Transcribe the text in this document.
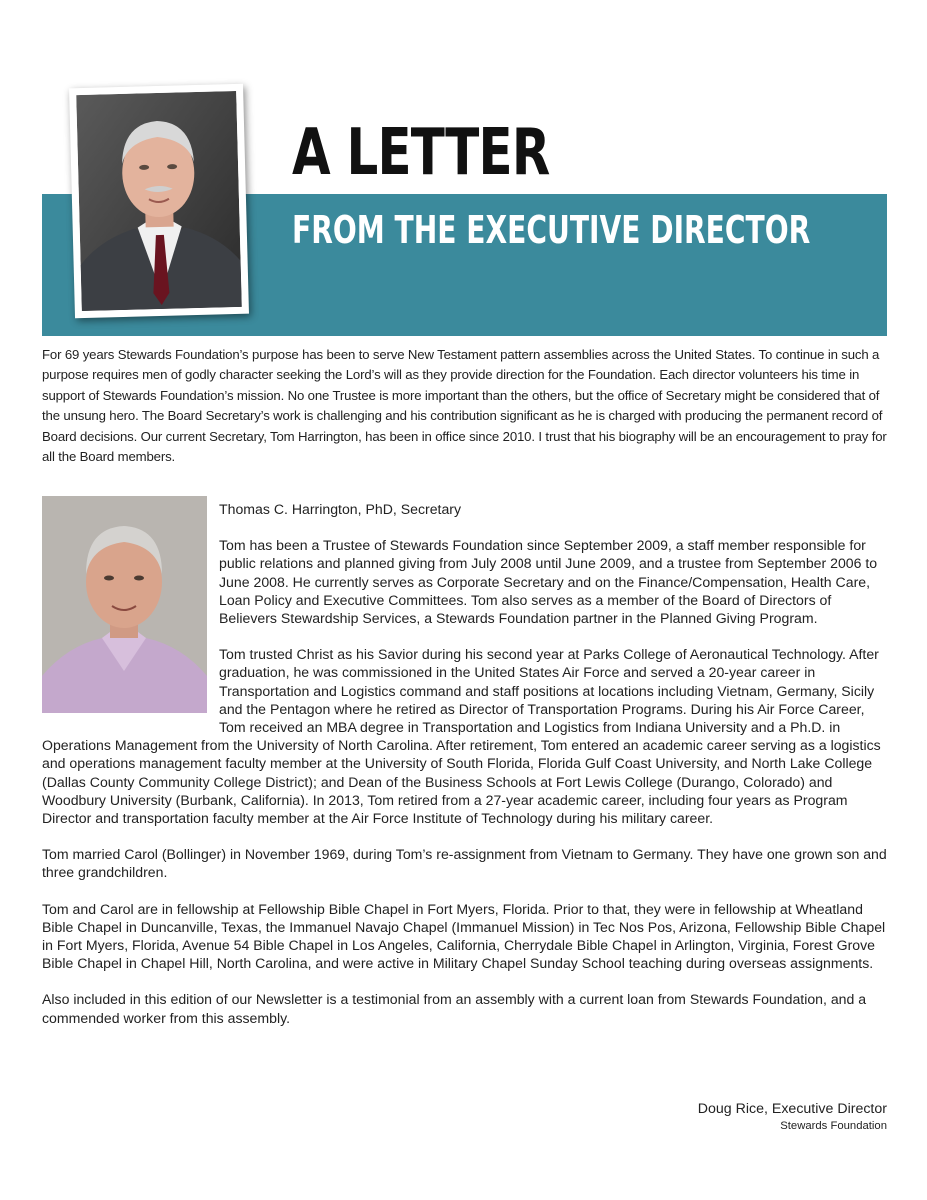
A LETTER
FROM THE EXECUTIVE DIRECTOR

For 69 years Stewards Foundation’s purpose has been to serve New Testament pattern assemblies across the United States. To continue in such a purpose requires men of godly character seeking the Lord’s will as they provide direction for the Foundation. Each director volunteers his time in support of Stewards Foundation’s mission. No one Trustee is more important than the others, but the office of Secretary might be considered that of the unsung hero. The Board Secretary’s work is challenging and his contribution significant as he is charged with producing the permanent record of Board decisions. Our current Secretary, Tom Harrington, has been in office since 2010. I trust that his biography will be an encouragement to pray for all the Board members.

Thomas C. Harrington, PhD, Secretary

Tom has been a Trustee of Stewards Foundation since September 2009, a staff member responsible for public relations and planned giving from July 2008 until June 2009, and a trustee from September 2006 to June 2008. He currently serves as Corporate Secretary and on the Finance/Compensation, Health Care, Loan Policy and Executive Committees. Tom also serves as a member of the Board of Directors of Believers Stewardship Services, a Stewards Foundation partner in the Planned Giving Program.

Tom trusted Christ as his Savior during his second year at Parks College of Aeronautical Technology. After graduation, he was commissioned in the United States Air Force and served a 20-year career in Transportation and Logistics command and staff positions at locations including Vietnam, Germany, Sicily and the Pentagon where he retired as Director of Transportation Programs. During his Air Force Career, Tom received an MBA degree in Transportation and Logistics from Indiana University and a Ph.D. in Operations Management from the University of North Carolina. After retirement, Tom entered an academic career serving as a logistics and operations management faculty member at the University of South Florida, Florida Gulf Coast University, and North Lake College (Dallas County Community College District); and Dean of the Business Schools at Fort Lewis College (Durango, Colorado) and Woodbury University (Burbank, California). In 2013, Tom retired from a 27-year academic career, including four years as Program Director and transportation faculty member at the Air Force Institute of Technology during his military career.

Tom married Carol (Bollinger) in November 1969, during Tom’s re-assignment from Vietnam to Germany. They have one grown son and three grandchildren.

Tom and Carol are in fellowship at Fellowship Bible Chapel in Fort Myers, Florida. Prior to that, they were in fellowship at Wheatland Bible Chapel in Duncanville, Texas, the Immanuel Navajo Chapel (Immanuel Mission) in Tec Nos Pos, Arizona, Fellowship Bible Chapel in Fort Myers, Florida, Avenue 54 Bible Chapel in Los Angeles, California, Cherrydale Bible Chapel in Arlington, Virginia, Forest Grove Bible Chapel in Chapel Hill, North Carolina, and were active in Military Chapel Sunday School teaching during overseas assignments.

Also included in this edition of our Newsletter is a testimonial from an assembly with a current loan from Stewards Foundation, and a commended worker from this assembly.

Doug Rice, Executive Director
Stewards Foundation
